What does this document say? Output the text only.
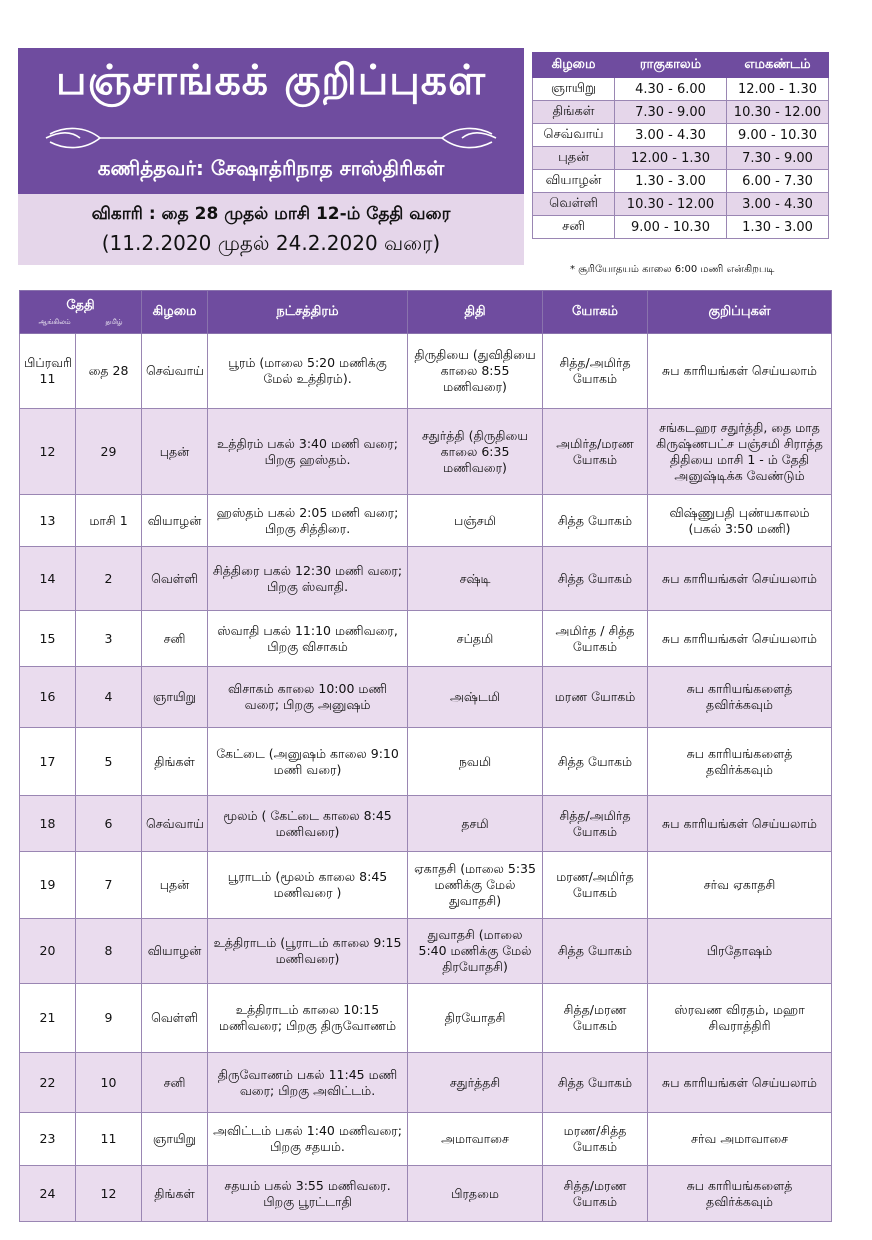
பஞ்சாங்கக் குறிப்புகள்
கணித்தவர்: சேஷாத்ரிநாத சாஸ்திரிகள்
விகாரி : தை 28 முதல் மாசி 12-ம் தேதி வரை
(11.2.2020 முதல் 24.2.2020 வரை)
கிழமை	ராகுகாலம்	எமகண்டம்
ஞாயிறு	4.30 - 6.00	12.00 - 1.30
திங்கள்	7.30 - 9.00	10.30 - 12.00
செவ்வாய்	3.00 - 4.30	9.00 - 10.30
புதன்	12.00 - 1.30	7.30 - 9.00
வியாழன்	1.30 - 3.00	6.00 - 7.30
வெள்ளி	10.30 - 12.00	3.00 - 4.30
சனி	9.00 - 10.30	1.30 - 3.00
* சூரியோதயம் காலை 6:00 மணி என்கிறபடி
தேதி
ஆங்கிலம் தமிழ்		கிழமை	நட்சத்திரம்	திதி	யோகம்	குறிப்புகள்
பிப்ரவரி 11	தை 28	செவ்வாய்	பூரம் (மாலை 5:20 மணிக்கு மேல் உத்திரம்).	திருதியை (துவிதியை காலை 8:55 மணிவரை)	சித்த/அமிர்த யோகம்	சுப காரியங்கள் செய்யலாம்
12	29	புதன்	உத்திரம் பகல் 3:40 மணி வரை; பிறகு ஹஸ்தம்.	சதுர்த்தி (திருதியை காலை 6:35 மணிவரை)	அமிர்த/மரண யோகம்	சங்கடஹர சதுர்த்தி, தை மாத கிருஷ்ணபட்ச பஞ்சமி சிராத்த திதியை மாசி 1 - ம் தேதி அனுஷ்டிக்க வேண்டும்
13	மாசி 1	வியாழன்	ஹஸ்தம் பகல் 2:05 மணி வரை; பிறகு சித்திரை.	பஞ்சமி	சித்த யோகம்	விஷ்ணுபதி புண்யகாலம் (பகல் 3:50 மணி)
14	2	வெள்ளி	சித்திரை பகல் 12:30 மணி வரை; பிறகு ஸ்வாதி.	சஷ்டி	சித்த யோகம்	சுப காரியங்கள் செய்யலாம்
15	3	சனி	ஸ்வாதி பகல் 11:10 மணிவரை, பிறகு விசாகம்	சப்தமி	அமிர்த / சித்த யோகம்	சுப காரியங்கள் செய்யலாம்
16	4	ஞாயிறு	விசாகம் காலை 10:00 மணி வரை; பிறகு அனுஷம்	அஷ்டமி	மரண யோகம்	சுப காரியங்களைத் தவிர்க்கவும்
17	5	திங்கள்	கேட்டை (அனுஷம் காலை 9:10 மணி வரை)	நவமி	சித்த யோகம்	சுப காரியங்களைத் தவிர்க்கவும்
18	6	செவ்வாய்	மூலம் ( கேட்டை காலை 8:45 மணிவரை)	தசமி	சித்த/அமிர்த யோகம்	சுப காரியங்கள் செய்யலாம்
19	7	புதன்	பூராடம் (மூலம் காலை 8:45 மணிவரை )	ஏகாதசி (மாலை 5:35 மணிக்கு மேல் துவாதசி)	மரண/அமிர்த யோகம்	சர்வ ஏகாதசி
20	8	வியாழன்	உத்திராடம் (பூராடம் காலை 9:15 மணிவரை)	துவாதசி (மாலை 5:40 மணிக்கு மேல் திரயோதசி)	சித்த யோகம்	பிரதோஷம்
21	9	வெள்ளி	உத்திராடம் காலை 10:15 மணிவரை; பிறகு திருவோணம்	திரயோதசி	சித்த/மரண யோகம்	ஸ்ரவண விரதம், மஹா சிவராத்திரி
22	10	சனி	திருவோணம் பகல் 11:45 மணி வரை; பிறகு அவிட்டம்.	சதுர்த்தசி	சித்த யோகம்	சுப காரியங்கள் செய்யலாம்
23	11	ஞாயிறு	அவிட்டம் பகல் 1:40 மணிவரை; பிறகு சதயம்.	அமாவாசை	மரண/சித்த யோகம்	சர்வ அமாவாசை
24	12	திங்கள்	சதயம் பகல் 3:55 மணிவரை. பிறகு பூரட்டாதி	பிரதமை	சித்த/மரண யோகம்	சுப காரியங்களைத் தவிர்க்கவும்
